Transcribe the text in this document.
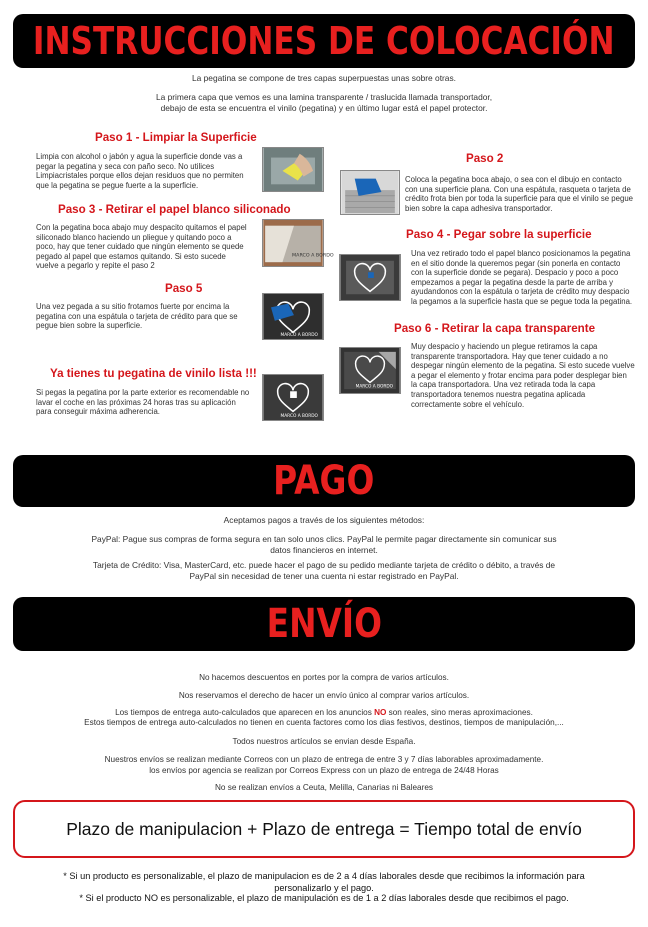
INSTRUCCIONES DE COLOCACIÓN

La pegatina se compone de tres capas superpuestas unas sobre otras.

La primera capa que vemos es una lamina transparente / traslucida llamada transportador, debajo de esta se encuentra el vinilo (pegatina) y en último lugar está el papel protector.

Paso 1 - Limpiar la Superficie

Limpia con alcohol o jabón y agua la superficie donde vas a pegar la pegatina y seca con paño seco. No utilices Limpiacristales porque ellos dejan residuos que no permiten que la pegatina se pegue fuerte a la superficie.

Paso 2

Coloca la pegatina boca abajo, o sea con el dibujo en contacto con una superficie plana. Con una espátula, rasqueta o tarjeta de crédito frota bien por toda la superficie para que el vinilo se pegue bien sobre la capa adhesiva transportador.

Paso 3 - Retirar el papel blanco siliconado

Con la pegatina boca abajo muy despacito quitamos el papel siliconado blanco haciendo un pliegue y quitando poco a poco, hay que tener cuidado que ningún elemento se quede pegado al papel que estamos quitando. Si esto sucede vuelve a pegarlo y repite el paso 2

MARCO A BORDO
Paso 4 - Pegar sobre la superficie

Una vez retirado todo el papel blanco posicionamos la pegatina en el sitio donde la queremos pegar (sin ponerla en contacto con la superficie donde se pegara). Despacio y poco a poco empezamos a pegar la pegatina desde la parte de arriba y ayudandonos con la espátula o tarjeta de crédito muy despacio la pegamos a la superficie hasta que se pegue toda la pegatina.

Paso 5

Una vez pegada a su sitio frotamos fuerte por encima la pegatina con una espátula o tarjeta de crédito para que se pegue bien sobre la superficie.

MARCO A BORDO
Paso 6 - Retirar la capa transparente

Muy despacio y haciendo un plegue retiramos la capa transparente transportadora. Hay que tener cuidado a no despegar ningún elemento de la pegatina. Si esto sucede vuelve a pegar el elemento y frotar encima para poder desplegar bien la capa transportadora. Una vez retirada toda la capa transportadora tenemos nuestra pegatina aplicada correctamente sobre el vehículo.

MARCO A BORDO
Ya tienes tu pegatina de vinilo lista !!!

Si pegas la pegatina por la parte exterior es recomendable no lavar el coche en las próximas 24 horas tras su aplicación para conseguir máxima adherencia.

MARCO A BORDO
PAGO

Aceptamos pagos a través de los siguientes métodos:

PayPal: Pague sus compras de forma segura en tan solo unos clics. PayPal le permite pagar directamente sin comunicar sus datos financieros en internet.

Tarjeta de Crédito: Visa, MasterCard, etc. puede hacer el pago de su pedido mediante tarjeta de crédito o débito, a través de PayPal sin necesidad de tener una cuenta ni estar registrado en PayPal.

ENVÍO

No hacemos descuentos en portes por la compra de varios artículos.

Nos reservamos el derecho de hacer un envío único al comprar varios artículos.

Los tiempos de entrega auto-calculados que aparecen en los anuncios NO son reales, sino meras aproximaciones.

Estos tiempos de entrega auto-calculados no tienen en cuenta factores como los dias festivos, destinos, tiempos de manipulación,...

Todos nuestros artículos se envian desde España.

Nuestros envíos se realizan mediante Correos con un plazo de entrega de entre 3 y 7 días laborables aproximadamente. los envíos por agencia se realizan por Correos Express con un plazo de entrega de 24/48 Horas

No se realizan envíos a Ceuta, Melilla, Canarias ni Baleares

Plazo de manipulacion + Plazo de entrega = Tiempo total de envío

* Si un producto es personalizable, el plazo de manipulacion es de 2 a 4 días laborales desde que recibimos la información para personalizarlo y el pago.

* Si el producto NO es personalizable, el plazo de manipulación es de 1 a 2 días laborales desde que recibimos el pago.
